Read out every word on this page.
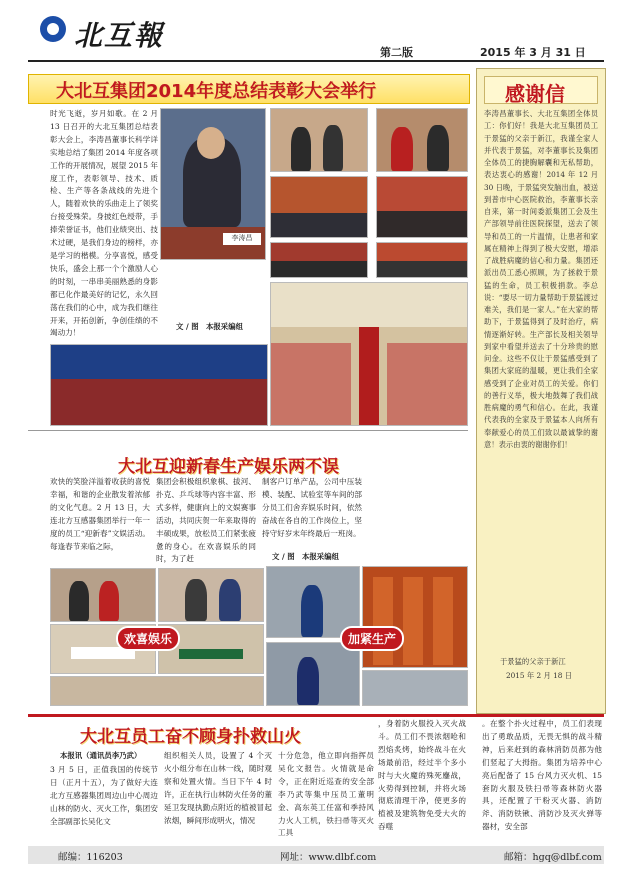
北互報
第二版	2015 年 3 月 31 日
大北互集团2014年度总结表彰大会举行
时光飞逝，岁月如歌。在 2 月 13 日召开的大北互集团总结表彰大会上，李涛昌董事长科学详实地总结了集团 2014 年度各项工作的开展情况，展望 2015 年度工作，表彰领导、技术、质检、生产等各条战线的先进个人，随着欢快的乐曲走上了领奖台接受殊荣。身披红色绶带，手捧荣誉证书，他们业绩突出、技术过硬，是我们身边的榜样，亦是学习的楷模。分享喜悦，感受快乐，盛会上那一个个激励人心的时刻，一串串美丽熟悉的身影都已化作最美好的记忆，永久回荡在我们的心中，成为我们继往开来，开拓创新，争创佳绩的不竭动力！
李涛昌
文 / 图　本报采编组
大北互迎新春生产娱乐两不误
欢快的笑脸洋溢着收获的喜悦幸福，和谐的企业散发着浓郁的文化气息。2 月 13 日，大连北方互感器集团举行一年一度的员工“迎新春”文娱活动。每逢春节来临之际，
集团会积极组织象棋、拔河、扑克、乒乓球等内容丰富、形式多样，健康向上的文娱赛事活动，共同庆贺一年来取得的丰硕成果，放松员工们紧张疲惫的身心。在欢喜娱乐的同时，为了赶
制客户订单产品，公司中压装模、装配、试验室等车间的部分员工们舍弃娱乐时间，依然奋战在各自的工作岗位上，坚持守好岁末年终最后一班岗。
文 / 图　本报采编组
欢喜娱乐	加紧生产
大北互员工奋不顾身扑救山火
本报讯（通讯员李乃武）
3 月 5 日，正值我国的传统节日（正月十五），为了做好大连北方互感器集团周边山中心周边山林的防火、灭火工作，集团安全部副部长吴化文
组织相关人员，设置了 4 个灭火小组分布在山林一线，随时观察和处置火情。当日下午 4 时许，正在执行山林防火任务的董延卫发现执勤点附近的植被冒起浓烟，瞬间形成明火，情况
十分危急，他立即向指挥员吴化文报告。火情就是命令，正在附近巡查的安全部李乃武等集中压员工董明金、高东英工任富和季持风力火人工机，铁扫帚等灭火工具
，身着防火服投入灭火战斗。员工们不畏浓烟呛和烈焰炙烤，始终战斗在火场最前沿，经过半个多小时与大火魔的殊死鏖战，火势得到控制，并将火场彻底清理干净，使更多的植被及建筑物免受大火的吞噬
。在整个扑火过程中，员工们表现出了勇敢品质，无畏无惧的战斗精神，后来赶到的森林消防员都为他们竖起了大拇指。集团为培养中心亮后配备了 15 台风力灭火机、15 套防火服及铁扫帚等森林防火器具，还配置了干粉灭火器、消防斧、消防铁锹、消防沙及灭火弹等器材，安全部
感谢信
李涛昌董事长、大北互集团全体员工：你们好！我是大北互集团员工于景猛的父亲于新江，我谨全家人并代表于景猛，对李董事长及集团全体员工的捷胸解囊和无私帮助，表达衷心的感谢！2014 年 12 月 30 日晚，于景猛突发脑出血，被送到普市中心医院救治，李董事长亲自来，第一时间委派集团工会及生产部领导前往医院探望，送去了领导和员工的一片温情，让患者和家属在精神上得到了极大安慰，增添了战胜病魔的信心和力量。集团还派出员工悉心照顾，为了拯救于景猛的生命，员工积极捐款。李总说：“要尽一切力量帮助于景猛渡过难关，我们是一家人。”在大家的帮助下，于景猛得到了及时治疗，病情逐渐好转。生产部长及相关领导到家中看望并送去了十分珍贵的慰问金。这些不仅让于景猛感受到了集团大家庭的温暖，更让我们全家感受到了企业对员工的关爱。你们的善行义举，极大地鼓舞了我们战胜病魔的勇气和信心。在此，我谨代表我的全家及于景猛本人向所有奉献爱心的员工们致以最诚挚的谢意！表示由衷的谢谢你们！
于景猛的父亲于新江
2015 年 2 月 18 日
邮编：116203	网址：www.dlbf.com	邮箱：hgq@dlbf.com
